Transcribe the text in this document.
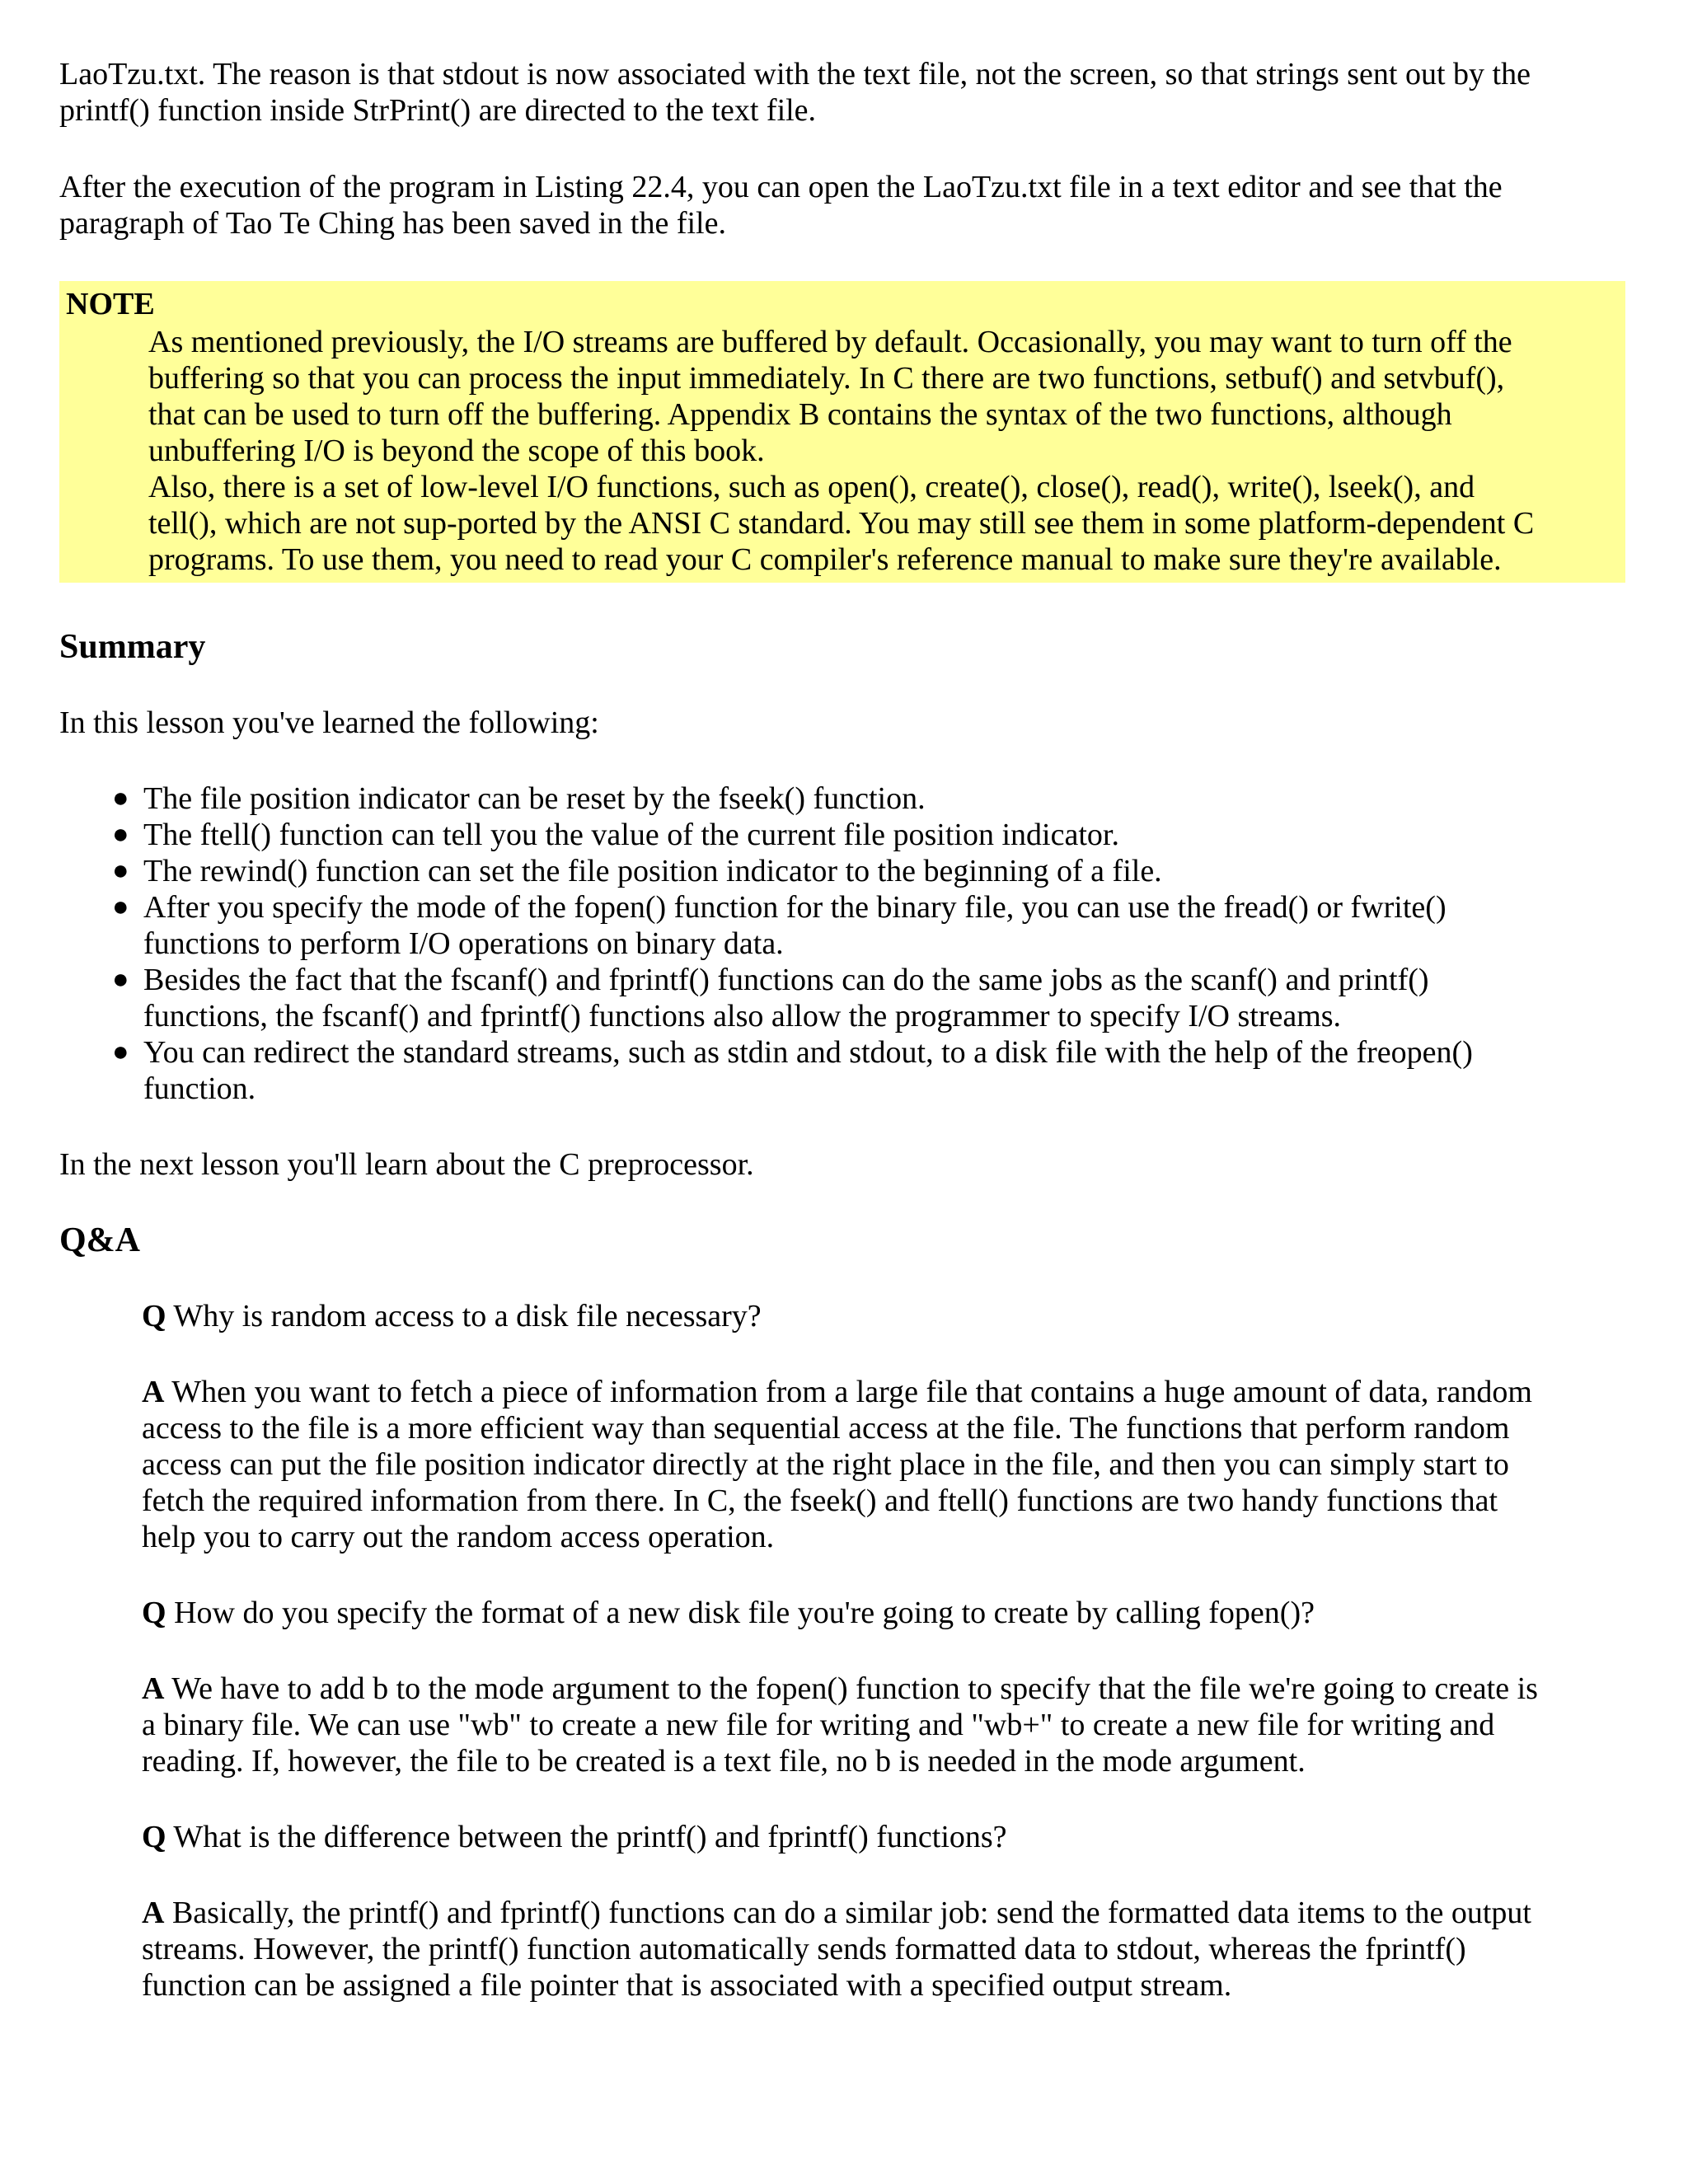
LaoTzu.txt. The reason is that stdout is now associated with the text file, not the screen, so that strings sent out by the printf() function inside StrPrint() are directed to the text file.

After the execution of the program in Listing 22.4, you can open the LaoTzu.txt file in a text editor and see that the paragraph of Tao Te Ching has been saved in the file.

NOTE

As mentioned previously, the I/O streams are buffered by default. Occasionally, you may want to turn off the buffering so that you can process the input immediately. In C there are two functions, setbuf() and setvbuf(), that can be used to turn off the buffering. Appendix B contains the syntax of the two functions, although unbuffering I/O is beyond the scope of this book.

Also, there is a set of low-level I/O functions, such as open(), create(), close(), read(), write(), lseek(), and tell(), which are not sup-ported by the ANSI C standard. You may still see them in some platform-dependent C programs. To use them, you need to read your C compiler's reference manual to make sure they're available.

Summary

In this lesson you've learned the following:

● The file position indicator can be reset by the fseek() function.
● The ftell() function can tell you the value of the current file position indicator.
● The rewind() function can set the file position indicator to the beginning of a file.
● After you specify the mode of the fopen() function for the binary file, you can use the fread() or fwrite() functions to perform I/O operations on binary data.
● Besides the fact that the fscanf() and fprintf() functions can do the same jobs as the scanf() and printf() functions, the fscanf() and fprintf() functions also allow the programmer to specify I/O streams.
● You can redirect the standard streams, such as stdin and stdout, to a disk file with the help of the freopen() function.

In the next lesson you'll learn about the C preprocessor.

Q&A

Q Why is random access to a disk file necessary?

A When you want to fetch a piece of information from a large file that contains a huge amount of data, random access to the file is a more efficient way than sequential access at the file. The functions that perform random access can put the file position indicator directly at the right place in the file, and then you can simply start to fetch the required information from there. In C, the fseek() and ftell() functions are two handy functions that help you to carry out the random access operation.

Q How do you specify the format of a new disk file you're going to create by calling fopen()?

A We have to add b to the mode argument to the fopen() function to specify that the file we're going to create is a binary file. We can use "wb" to create a new file for writing and "wb+" to create a new file for writing and reading. If, however, the file to be created is a text file, no b is needed in the mode argument.

Q What is the difference between the printf() and fprintf() functions?

A Basically, the printf() and fprintf() functions can do a similar job: send the formatted data items to the output streams. However, the printf() function automatically sends formatted data to stdout, whereas the fprintf() function can be assigned a file pointer that is associated with a specified output stream.
